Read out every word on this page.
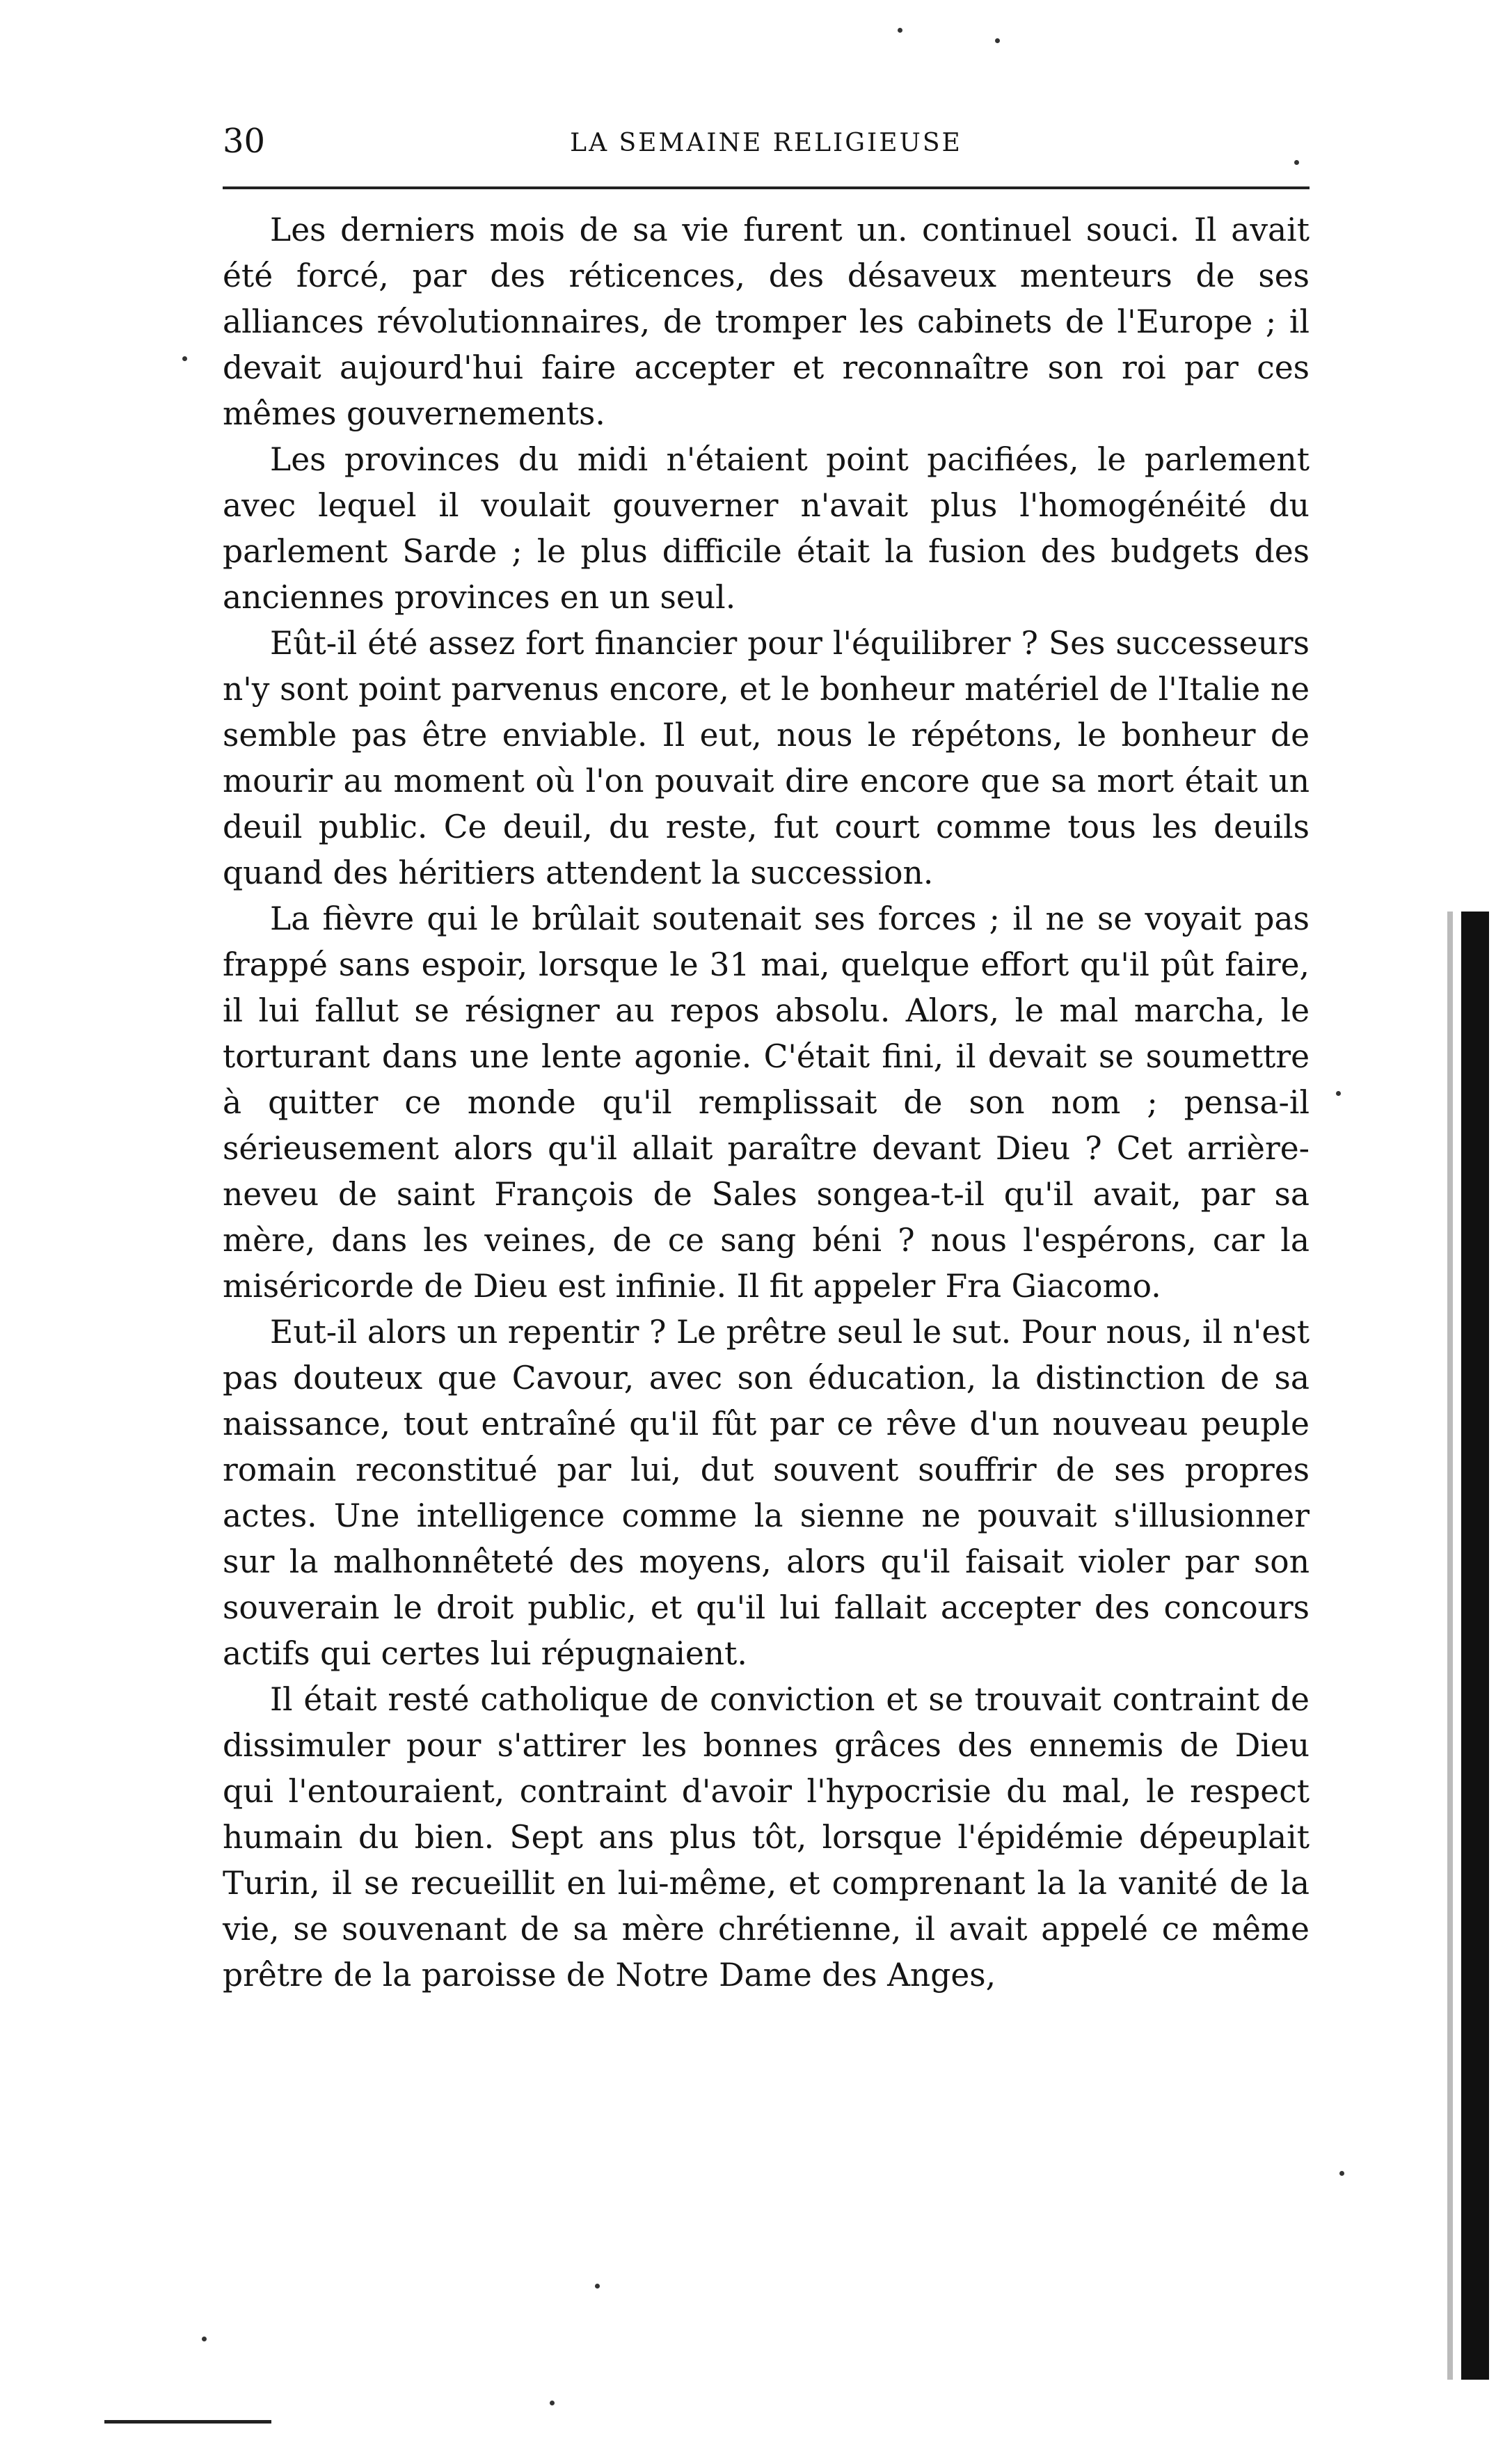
30	LA SEMAINE RELIGIEUSE

Les derniers mois de sa vie furent un. continuel souci. Il avait été forcé, par des réticences, des désaveux menteurs de ses alliances révolutionnaires, de tromper les cabinets de l'Europe ; il devait aujourd'hui faire accepter et reconnaître son roi par ces mêmes gouvernements.

Les provinces du midi n'étaient point pacifiées, le parlement avec lequel il voulait gouverner n'avait plus l'homogénéité du parlement Sarde ; le plus difficile était la fusion des budgets des anciennes provinces en un seul.

Eût-il été assez fort financier pour l'équilibrer ? Ses successeurs n'y sont point parvenus encore, et le bonheur matériel de l'Italie ne semble pas être enviable. Il eut, nous le répétons, le bonheur de mourir au moment où l'on pouvait dire encore que sa mort était un deuil public. Ce deuil, du reste, fut court comme tous les deuils quand des héritiers attendent la succession.

La fièvre qui le brûlait soutenait ses forces ; il ne se voyait pas frappé sans espoir, lorsque le 31 mai, quelque effort qu'il pût faire, il lui fallut se résigner au repos absolu. Alors, le mal marcha, le torturant dans une lente agonie. C'était fini, il devait se soumettre à quitter ce monde qu'il remplissait de son nom ; pensa-il sérieusement alors qu'il allait paraître devant Dieu ? Cet arrière-neveu de saint François de Sales songea-t-il qu'il avait, par sa mère, dans les veines, de ce sang béni ? nous l'espérons, car la miséricorde de Dieu est infinie. Il fit appeler Fra Giacomo.

Eut-il alors un repentir ? Le prêtre seul le sut. Pour nous, il n'est pas douteux que Cavour, avec son éducation, la distinction de sa naissance, tout entraîné qu'il fût par ce rêve d'un nouveau peuple romain reconstitué par lui, dut souvent souffrir de ses propres actes. Une intelligence comme la sienne ne pouvait s'illusionner sur la malhonnêteté des moyens, alors qu'il faisait violer par son souverain le droit public, et qu'il lui fallait accepter des concours actifs qui certes lui répugnaient.

Il était resté catholique de conviction et se trouvait contraint de dissimuler pour s'attirer les bonnes grâces des ennemis de Dieu qui l'entouraient, contraint d'avoir l'hypocrisie du mal, le respect humain du bien. Sept ans plus tôt, lorsque l'épidémie dépeuplait Turin, il se recueillit en lui-même, et comprenant la la vanité de la vie, se souvenant de sa mère chrétienne, il avait appelé ce même prêtre de la paroisse de Notre Dame des Anges,
